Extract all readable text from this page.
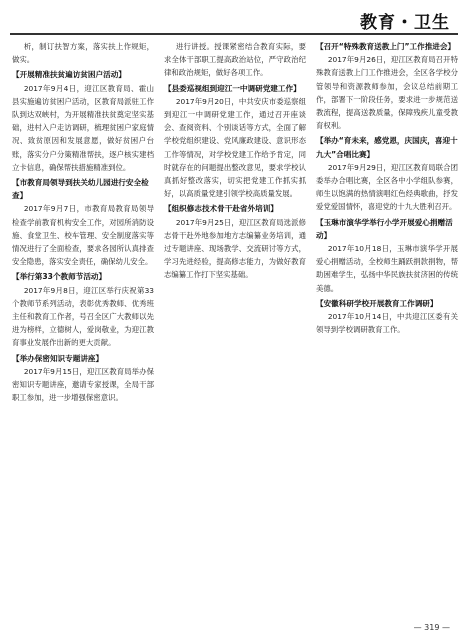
教育・卫生
析，制订扶智方案，落实扶上作规矩，做实。
【开展精准扶贫遍访贫困户活动】
2017年9月4日，迎江区教育局、霍山县实施遍访贫困户活动，区教育局派驻工作队到达双峡村，为开展精准扶贫奠定坚实基础，进村入户走访调研，梳理贫困户家庭情况、致贫原因和发展意愿，做好贫困户台账，落实分户分策精准帮扶，逐户核实建档立卡信息，确保帮扶措施精准到位。
【市教育局领导到扶关幼儿园进行安全检查】
2017年9月7日，市教育局教育局领导检查学前教育机构安全工作，对园所消防设施、食堂卫生、校车管理、安全制度落实等情况进行了全面检查，要求各园所认真排查安全隐患，落实安全责任，确保幼儿安全。
【举行第33个教师节活动】
2017年9月8日，迎江区举行庆祝第33个教师节系列活动，表彰优秀教师、优秀班主任和教育工作者，号召全区广大教师以先进为榜样，立德树人，爱岗敬业，为迎江教育事业发展作出新的更大贡献。
【举办保密知识专题讲座】
2017年9月15日，迎江区教育局举办保密知识专题讲座，邀请专家授课，全局干部职工参加，进一步增强保密意识。
进行讲授。授课紧密结合教育实际，要求全体干部职工提高政治站位，严守政治纪律和政治规矩，做好各项工作。
【县委巡视组到迎江一中调研党建工作】
2017年9月20日，中共安庆市委巡察组到迎江一中调研党建工作，通过召开座谈会、查阅资料、个别谈话等方式，全面了解学校党组织建设、党风廉政建设、意识形态工作等情况，对学校党建工作给予肯定，同时就存在的问题提出整改意见，要求学校认真抓好整改落实，切实把党建工作抓实抓好，以高质量党建引领学校高质量发展。
【组织修志技术骨干赴省外培训】
2017年9月25日，迎江区教育局选派修志骨干赴外地参加地方志编纂业务培训，通过专题讲座、现场教学、交流研讨等方式，学习先进经验，提高修志能力，为做好教育志编纂工作打下坚实基础。
【召开“特殊教育送教上门”工作推进会】
2017年9月26日，迎江区教育局召开特殊教育送教上门工作推进会，全区各学校分管领导和资源教师参加，会议总结前期工作，部署下一阶段任务，要求进一步规范送教流程，提高送教质量，保障残疾儿童受教育权利。
【举办“育未来，感党恩，庆国庆，喜迎十九大”合唱比赛】
2017年9月29日，迎江区教育局联合团委举办合唱比赛，全区各中小学组队参赛，师生以饱满的热情演唱红色经典歌曲，抒发爱党爱国情怀，喜迎党的十九大胜利召开。
【玉琳市演华学举行小学开展爱心捐赠活动】
2017年10月18日，玉琳市演华学开展爱心捐赠活动，全校师生踊跃捐款捐物，帮助困难学生，弘扬中华民族扶贫济困的传统美德。
【安徽科研学校开展教育工作调研】
2017年10月14日，中共迎江区委有关领导到学校调研教育工作。
— 319 —
